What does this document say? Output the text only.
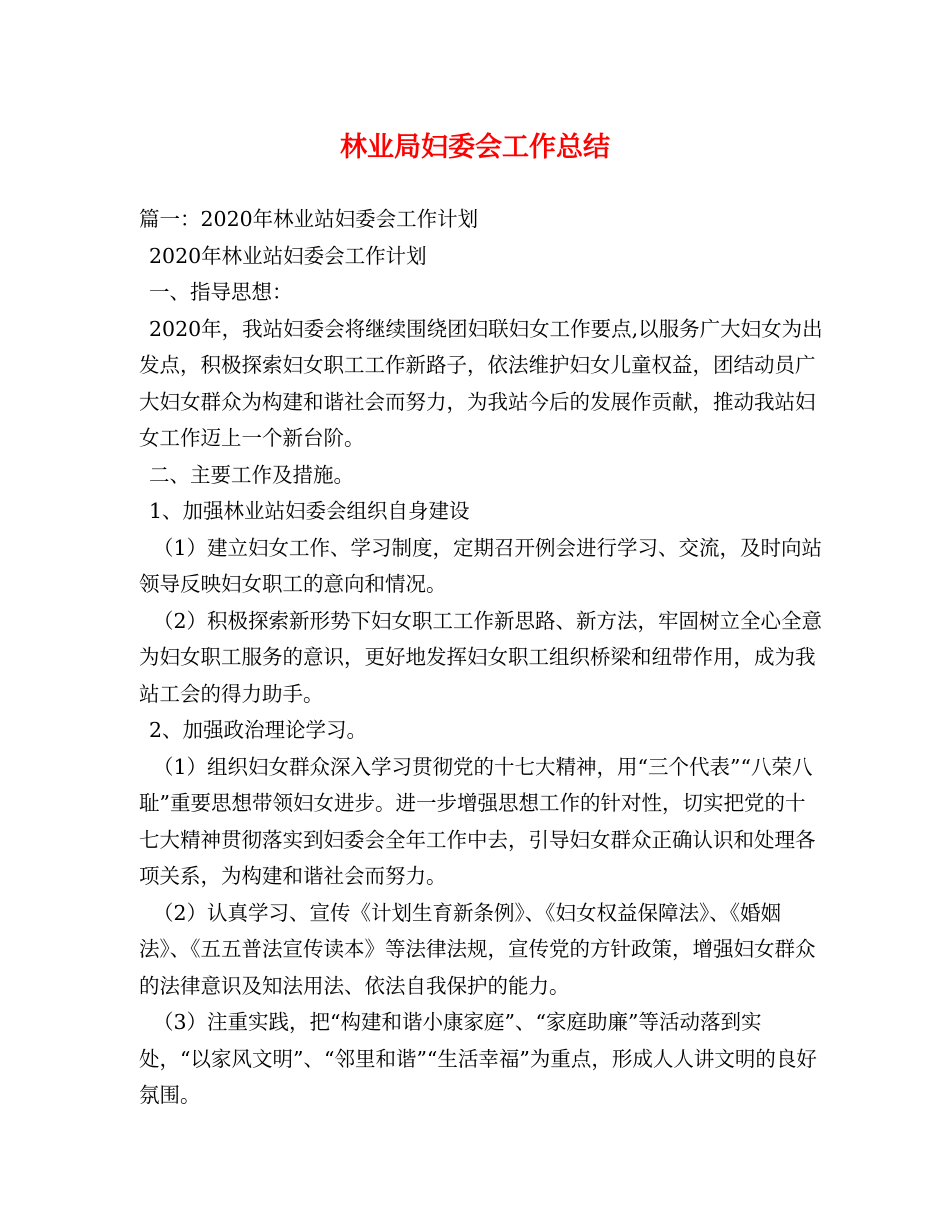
林业局妇委会工作总结

篇一：2020年林业站妇委会工作计划

2020年林业站妇委会工作计划

一、指导思想：

2020年，我站妇委会将继续围绕团妇联妇女工作要点,以服务广大妇女为出发点，积极探索妇女职工工作新路子，依法维护妇女儿童权益，团结动员广大妇女群众为构建和谐社会而努力，为我站今后的发展作贡献，推动我站妇女工作迈上一个新台阶。

二、主要工作及措施。

1、加强林业站妇委会组织自身建设

（1）建立妇女工作、学习制度，定期召开例会进行学习、交流，及时向站领导反映妇女职工的意向和情况。

（2）积极探索新形势下妇女职工工作新思路、新方法，牢固树立全心全意为妇女职工服务的意识，更好地发挥妇女职工组织桥梁和纽带作用，成为我站工会的得力助手。

2、加强政治理论学习。

（1）组织妇女群众深入学习贯彻党的十七大精神，用“三个代表”“八荣八耻”重要思想带领妇女进步。进一步增强思想工作的针对性，切实把党的十七大精神贯彻落实到妇委会全年工作中去，引导妇女群众正确认识和处理各项关系，为构建和谐社会而努力。

（2）认真学习、宣传《计划生育新条例》、《妇女权益保障法》、《婚姻法》、《五五普法宣传读本》等法律法规，宣传党的方针政策，增强妇女群众的法律意识及知法用法、依法自我保护的能力。

（3）注重实践，把“构建和谐小康家庭”、“家庭助廉”等活动落到实处，“以家风文明”、“邻里和谐”“生活幸福”为重点，形成人人讲文明的良好氛围。
